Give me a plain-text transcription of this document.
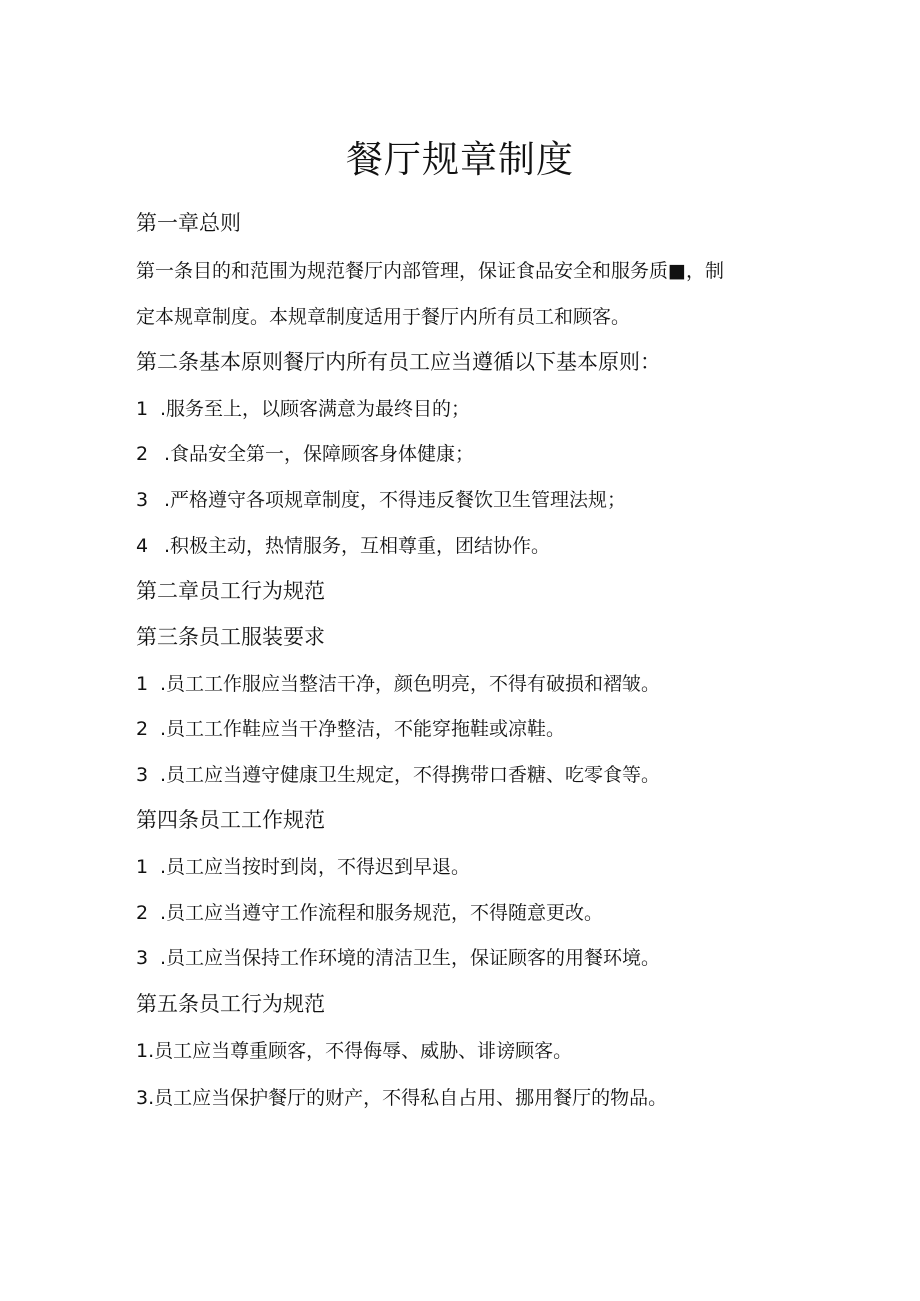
餐厅规章制度
第一章总则
第一条目的和范围为规范餐厅内部管理，保证食品安全和服务质■，制
定本规章制度。本规章制度适用于餐厅内所有员工和顾客。
第二条基本原则餐厅内所有员工应当遵循以下基本原则：
1 .服务至上，以顾客满意为最终目的；
2 .食品安全第一，保障顾客身体健康；
3 .严格遵守各项规章制度，不得违反餐饮卫生管理法规；
4 .积极主动，热情服务，互相尊重，团结协作。
第二章员工行为规范
第三条员工服装要求
1 .员工工作服应当整洁干净，颜色明亮，不得有破损和褶皱。
2 .员工工作鞋应当干净整洁，不能穿拖鞋或凉鞋。
3 .员工应当遵守健康卫生规定，不得携带口香糖、吃零食等。
第四条员工工作规范
1 .员工应当按时到岗，不得迟到早退。
2 .员工应当遵守工作流程和服务规范，不得随意更改。
3 .员工应当保持工作环境的清洁卫生，保证顾客的用餐环境。
第五条员工行为规范
1.员工应当尊重顾客，不得侮辱、威胁、诽谤顾客。
3.员工应当保护餐厅的财产，不得私自占用、挪用餐厅的物品。
